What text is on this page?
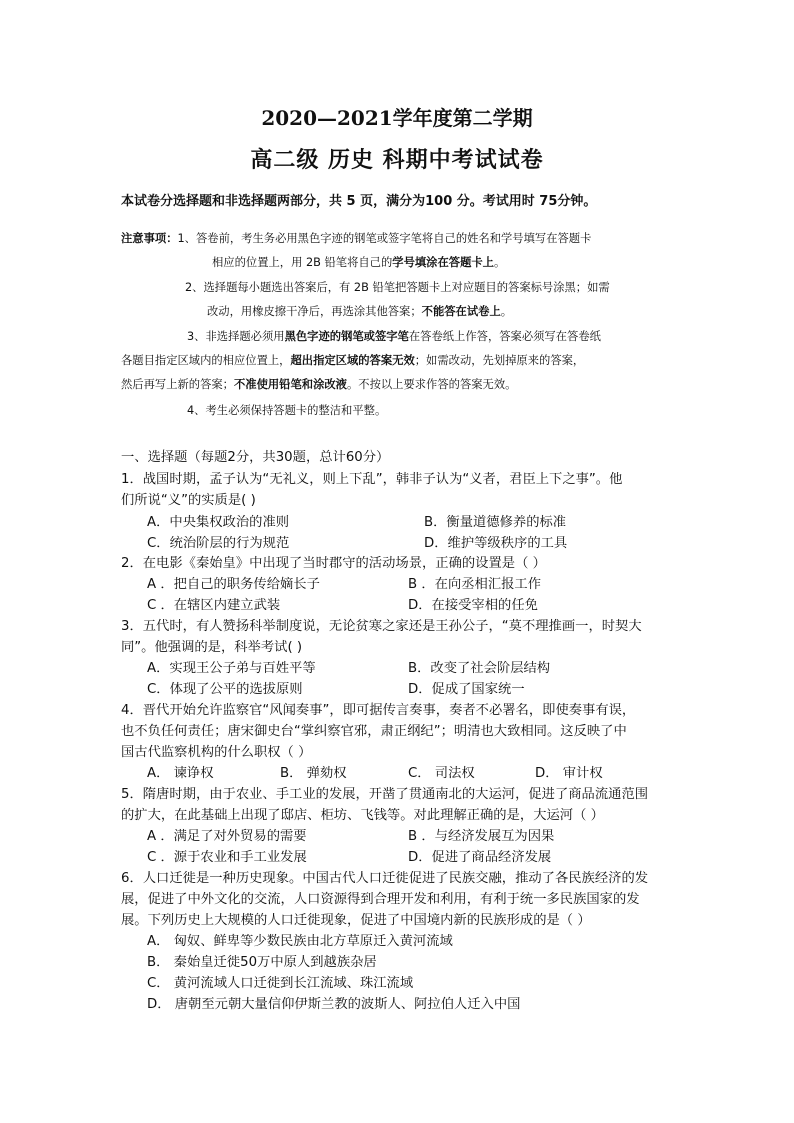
2020—2021学年度第二学期
高二级 历史 科期中考试试卷
本试卷分选择题和非选择题两部分，共 5 页，满分为100 分。考试用时 75分钟。
注意事项：1、答卷前，考生务必用黑色字迹的钢笔或签字笔将自己的姓名和学号填写在答题卡
相应的位置上，用 2B 铅笔将自己的学号填涂在答题卡上。
2、选择题每小题选出答案后，有 2B 铅笔把答题卡上对应题目的答案标号涂黑；如需
改动，用橡皮擦干净后，再选涂其他答案；不能答在试卷上。
3、非选择题必须用黑色字迹的钢笔或签字笔在答卷纸上作答，答案必须写在答卷纸
各题目指定区域内的相应位置上，超出指定区域的答案无效；如需改动，先划掉原来的答案，
然后再写上新的答案；不准使用铅笔和涂改液。不按以上要求作答的答案无效。
4、考生必须保持答题卡的整洁和平整。
一、选择题（每题2分，共30题，总计60分）
1．战国时期，孟子认为“无礼义，则上下乱”，韩非子认为“义者，君臣上下之事”。他
们所说“义”的实质是( )
A．中央集权政治的准则	B．衡量道德修养的标准
C．统治阶层的行为规范	D．维护等级秩序的工具
2．在电影《秦始皇》中出现了当时郡守的活动场景，正确的设置是（ ）
A ．把自己的职务传给嫡长子	B ．在向丞相汇报工作
C ．在辖区内建立武装	D．在接受宰相的任免
3．五代时，有人赞扬科举制度说，无论贫寒之家还是王孙公子，“莫不理推画一，时契大
同”。他强调的是，科举考试( )
A．实现王公子弟与百姓平等	B．改变了社会阶层结构
C．体现了公平的选拔原则	D．促成了国家统一
4．晋代开始允许监察官“风闻奏事”，即可据传言奏事，奏者不必署名，即使奏事有误，
也不负任何责任；唐宋御史台“掌纠察官邪，肃正纲纪”；明清也大致相同。这反映了中
国古代监察机构的什么职权（ ）
A． 谏诤权	B． 弹劾权	C． 司法权	D． 审计权
5．隋唐时期，由于农业、手工业的发展，开凿了贯通南北的大运河，促进了商品流通范围
的扩大，在此基础上出现了邸店、柜坊、飞钱等。对此理解正确的是，大运河（ ）
A ．满足了对外贸易的需要	B ．与经济发展互为因果
C ．源于农业和手工业发展	D．促进了商品经济发展
6．人口迁徙是一种历史现象。中国古代人口迁徙促进了民族交融，推动了各民族经济的发
展，促进了中外文化的交流，人口资源得到合理开发和利用，有利于统一多民族国家的发
展。下列历史上大规模的人口迁徙现象，促进了中国境内新的民族形成的是（ ）
A． 匈奴、鲜卑等少数民族由北方草原迁入黄河流域
B． 秦始皇迁徙50万中原人到越族杂居
C． 黄河流域人口迁徙到长江流域、珠江流域
D． 唐朝至元朝大量信仰伊斯兰教的波斯人、阿拉伯人迁入中国
